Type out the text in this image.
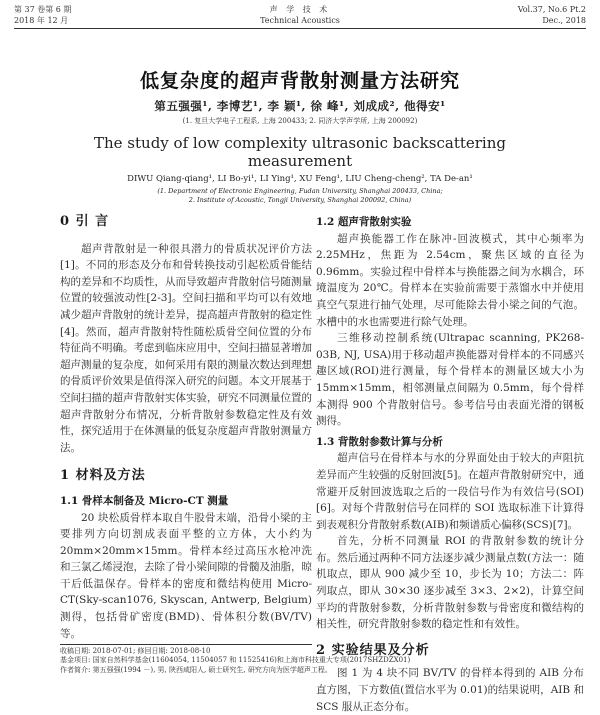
第 37 卷第 6 期	声 学 技 术	Vol.37, No.6 Pt.2
2018 年 12 月	Technical Acoustics	Dec., 2018
低复杂度的超声背散射测量方法研究
第五强强¹, 李博艺¹, 李 颖¹, 徐 峰¹, 刘成成², 他得安¹
(1. 复旦大学电子工程系, 上海 200433; 2. 同济大学声学所, 上海 200092)
The study of low complexity ultrasonic backscattering
measurement
DIWU Qiang-qiang¹, LI Bo-yi¹, LI Ying¹, XU Feng¹, LIU Cheng-cheng², TA De-an¹
(1. Department of Electronic Engineering, Fudan University, Shanghai 200433, China;
2. Institute of Acoustic, Tongji University, Shanghai 200092, China)
0 引 言

超声背散射是一种很具潜力的骨质状况评价方法[1]。不同的形态及分布和骨转换技动引起松质骨能结构的差异和不均质性，从而导致超声背散射信号随测量位置的较强波动性[2-3]。空间扫描和平均可以有效地减少超声背散射的统计差异，提高超声背散射的稳定性[4]。然而，超声背散射特性随松质骨空间位置的分布特征尚不明确。考虑到临床应用中，空间扫描显著增加超声测量的复杂度，如何采用有限的测量次数达到理想的骨质评价效果是值得深入研究的问题。本文开展基于空间扫描的超声背散射实体实验，研究不同测量位置的超声背散射分布情况，分析背散射参数稳定性及有效性，探究适用于在体测量的低复杂度超声背散射测量方法。

1 材料及方法
1.1 骨样本制备及 Micro-CT 测量

20 块松质骨样本取自牛股骨末端，沿骨小梁的主要排列方向切割成表面平整的立方体，大小约为 20mm×20mm×15mm。骨样本经过高压水枪冲洗和三氯乙烯浸泡，去除了骨小梁间隙的骨髓及油脂，晾干后低温保存。骨样本的密度和微结构使用 Micro-CT(Sky-scan1076, Skyscan, Antwerp, Belgium)测得，包括骨矿密度(BMD)、骨体积分数(BV/TV)等。

收稿日期: 2018-07-01; 修回日期: 2018-08-10
基金项目: 国家自然科学基金(11604054, 11504057 和 11525416)和上海市科技重大专项(2017SHZDZX01)
作者简介: 第五强强(1994 －), 男, 陕西咸阳人, 硕士研究生, 研究方向为医学超声工程。
1.2 超声背散射实验

超声换能器工作在脉冲-回波模式，其中心频率为 2.25MHz，焦距为 2.54cm，聚焦区域的直径为 0.96mm。实验过程中骨样本与换能器之间为水耦合，环境温度为 20℃。骨样本在实验前需要于蒸馏水中并使用真空气泵进行抽气处理，尽可能除去骨小梁之间的气泡。水槽中的水也需要进行除气处理。

三维移动控制系统(Ultrapac scanning, PK268-03B, NJ, USA)用于移动超声换能器对骨样本的不同感兴趣区域(ROI)进行测量，每个骨样本的测量区域大小为 15mm×15mm，相邻测量点间隔为 0.5mm，每个骨样本测得 900 个背散射信号。参考信号由表面光滑的钢板测得。

1.3 背散射参数计算与分析

超声信号在骨样本与水的分界面处由于较大的声阻抗差异而产生较强的反射回波[5]。在超声背散射研究中，通常避开反射回波选取之后的一段信号作为有效信号(SOI)[6]。对每个背散射信号在同样的 SOI 选取标准下计算得到表观积分背散射系数(AIB)和频谱质心偏移(SCS)[7]。

首先，分析不同测量 ROI 的背散射参数的统计分布。然后通过两种不同方法逐步减少测量点数(方法一：随机取点，即从 900 减少至 10，步长为 10；方法二：阵列取点，即从 30×30 逐步减至 3×3、2×2)，计算空间平均的背散射参数，分析背散射参数与骨密度和微结构的相关性，研究背散射参数的稳定性和有效性。

2 实验结果及分析

图 1 为 4 块不同 BV/TV 的骨样本得到的 AIB 分布直方图，下方数值(置信水平为 0.01)的结果说明，AIB 和 SCS 服从正态分布。
